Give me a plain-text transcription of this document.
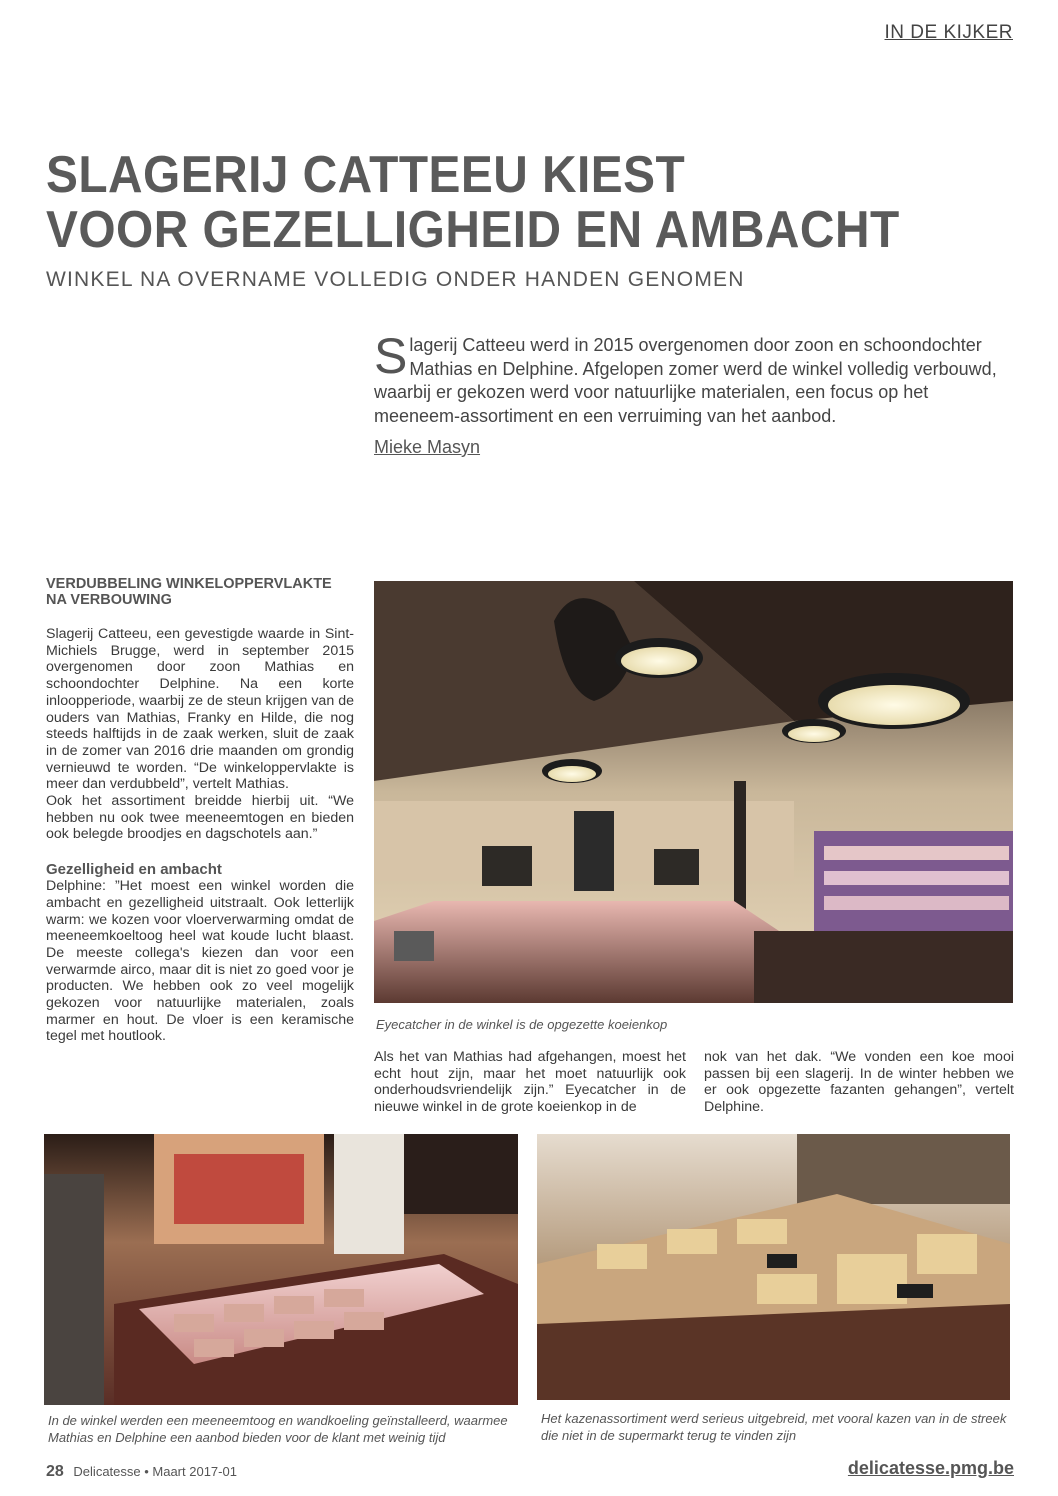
IN DE KIJKER
SLAGERIJ CATTEEU KIEST
VOOR GEZELLIGHEID EN AMBACHT
WINKEL NA OVERNAME VOLLEDIG ONDER HANDEN GENOMEN
Slagerij Catteeu werd in 2015 overgenomen door zoon en schoondochter Mathias en Delphine. Afgelopen zomer werd de winkel volledig verbouwd, waarbij er gekozen werd voor natuurlijke materialen, een focus op het meeneem-assortiment en een verruiming van het aanbod.
Mieke Masyn
VERDUBBELING WINKELOPPERVLAKTE NA VERBOUWING

Slagerij Catteeu, een gevestigde waarde in Sint-Michiels Brugge, werd in september 2015 overgenomen door zoon Mathias en schoondochter Delphine. Na een korte inloopperiode, waarbij ze de steun krijgen van de ouders van Mathias, Franky en Hilde, die nog steeds halftijds in de zaak werken, sluit de zaak in de zomer van 2016 drie maanden om grondig vernieuwd te worden. “De winkeloppervlakte is meer dan verdubbeld”, vertelt Mathias.

Ook het assortiment breidde hierbij uit. “We hebben nu ook twee meeneemtogen en bieden ook belegde broodjes en dagschotels aan.”

Gezelligheid en ambacht

Delphine: ”Het moest een winkel worden die ambacht en gezelligheid uitstraalt. Ook letterlijk warm: we kozen voor vloerverwarming omdat de meeneemkoeltoog heel wat koude lucht blaast. De meeste collega's kiezen dan voor een verwarmde airco, maar dit is niet zo goed voor je producten. We hebben ook zo veel mogelijk gekozen voor natuurlijke materialen, zoals marmer en hout. De vloer is een keramische tegel met houtlook.

Eyecatcher in de winkel is de opgezette koeienkop

Als het van Mathias had afgehangen, moest het echt hout zijn, maar het moet natuurlijk ook onderhoudsvriendelijk zijn.” Eyecatcher in de nieuwe winkel in de grote koeienkop in de

nok van het dak. “We vonden een koe mooi passen bij een slagerij. In de winter hebben we er ook opgezette fazanten gehangen”, vertelt Delphine.

In de winkel werden een meeneemtoog en wandkoeling geïnstalleerd, waarmee Mathias en Delphine een aanbod bieden voor de klant met weinig tijd
Het kazenassortiment werd serieus uitgebreid, met vooral kazen van in de streek die niet in de supermarkt terug te vinden zijn
28 Delicatesse • Maart 2017-01	delicatesse.pmg.be
